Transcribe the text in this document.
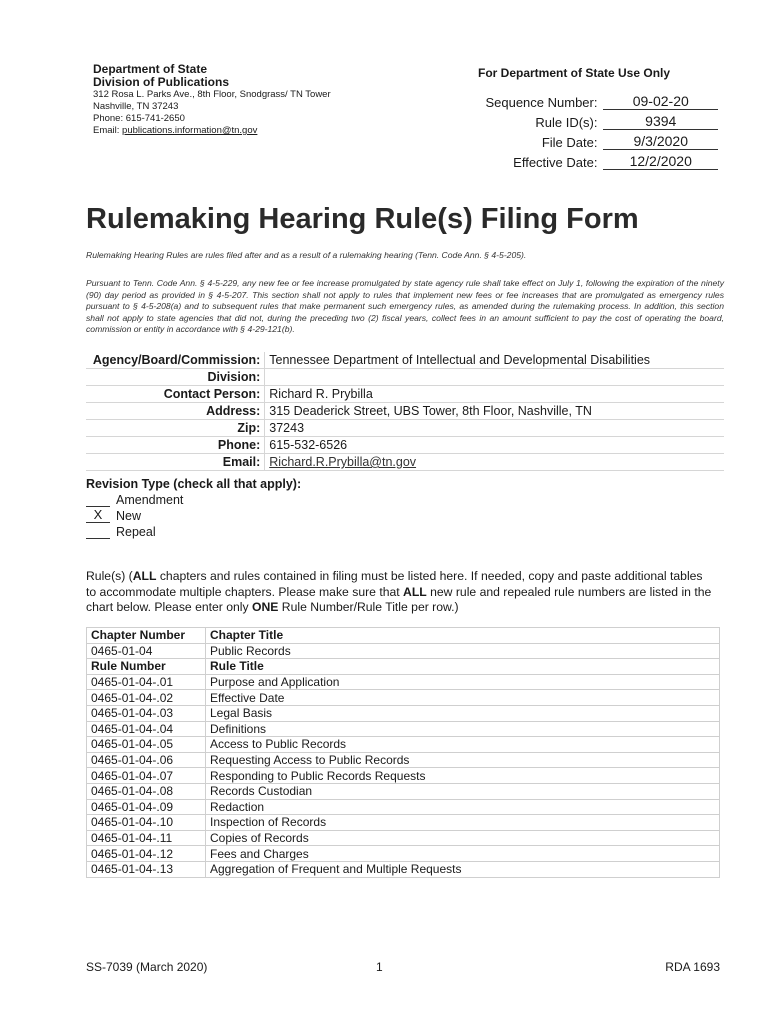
Department of State
Division of Publications
312 Rosa L. Parks Ave., 8th Floor, Snodgrass/ TN Tower
Nashville, TN 37243
Phone: 615-741-2650
Email: publications.information@tn.gov
For Department of State Use Only
Sequence Number:	09-02-20
Rule ID(s):	9394
File Date:	9/3/2020
Effective Date:	12/2/2020
Rulemaking Hearing Rule(s) Filing Form
Rulemaking Hearing Rules are rules filed after and as a result of a rulemaking hearing (Tenn. Code Ann. § 4-5-205).
Pursuant to Tenn. Code Ann. § 4-5-229, any new fee or fee increase promulgated by state agency rule shall take effect on July 1, following the expiration of the ninety (90) day period as provided in § 4-5-207. This section shall not apply to rules that implement new fees or fee increases that are promulgated as emergency rules pursuant to § 4-5-208(a) and to subsequent rules that make permanent such emergency rules, as amended during the rulemaking process. In addition, this section shall not apply to state agencies that did not, during the preceding two (2) fiscal years, collect fees in an amount sufficient to pay the cost of operating the board, commission or entity in accordance with § 4-29-121(b).
Agency/Board/Commission:	Tennessee Department of Intellectual and Developmental Disabilities
Division:	
Contact Person:	Richard R. Prybilla
Address:	315 Deaderick Street, UBS Tower, 8th Floor, Nashville, TN
Zip:	37243
Phone:	615-532-6526
Email:	Richard.R.Prybilla@tn.gov
Revision Type (check all that apply):
Amendment
X	New
Repeal
Rule(s) (ALL chapters and rules contained in filing must be listed here. If needed, copy and paste additional tables to accommodate multiple chapters. Please make sure that ALL new rule and repealed rule numbers are listed in the chart below. Please enter only ONE Rule Number/Rule Title per row.)
Chapter Number	Chapter Title
0465-01-04	Public Records
Rule Number	Rule Title
0465-01-04-.01	Purpose and Application
0465-01-04-.02	Effective Date
0465-01-04-.03	Legal Basis
0465-01-04-.04	Definitions
0465-01-04-.05	Access to Public Records
0465-01-04-.06	Requesting Access to Public Records
0465-01-04-.07	Responding to Public Records Requests
0465-01-04-.08	Records Custodian
0465-01-04-.09	Redaction
0465-01-04-.10	Inspection of Records
0465-01-04-.11	Copies of Records
0465-01-04-.12	Fees and Charges
0465-01-04-.13	Aggregation of Frequent and Multiple Requests
SS-7039 (March 2020)	1	RDA 1693
